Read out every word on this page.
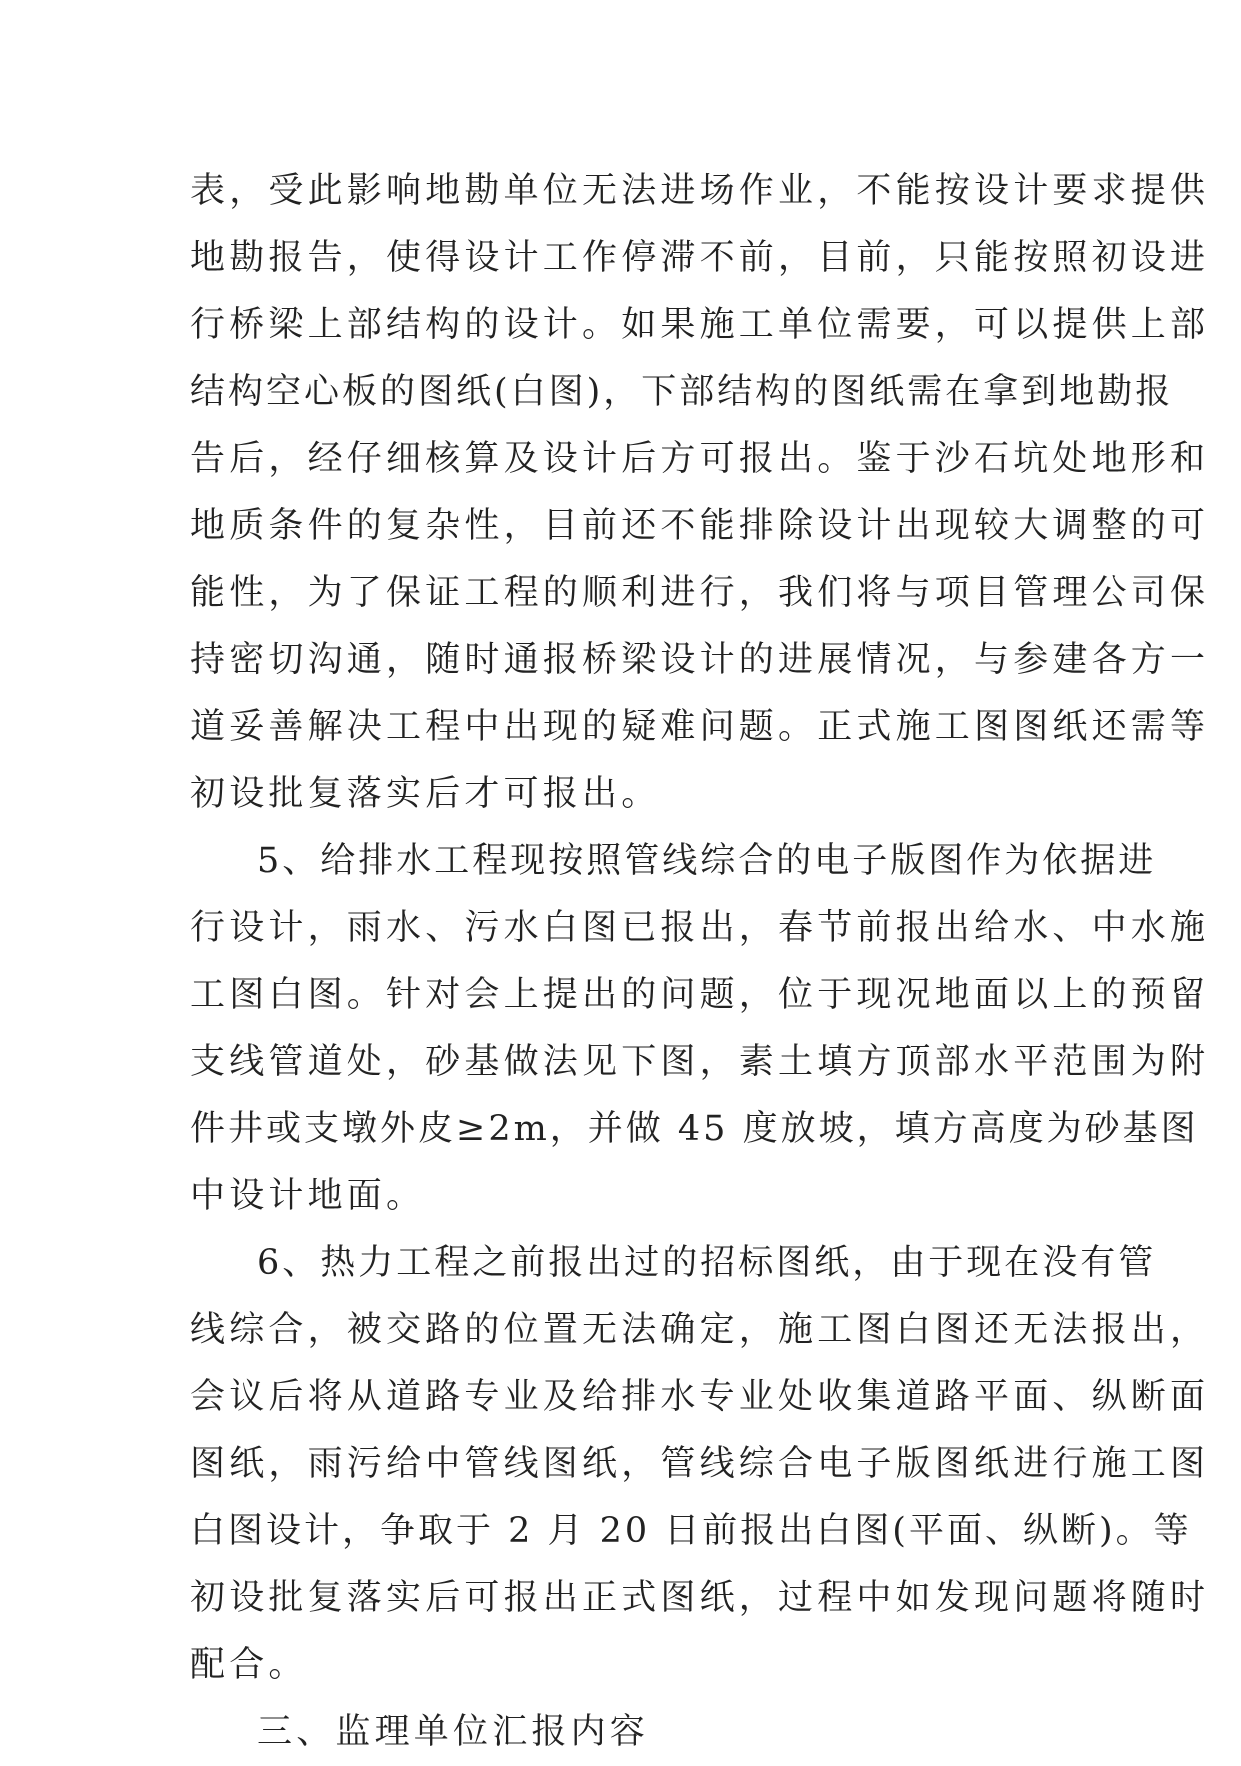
表，受此影响地勘单位无法进场作业，不能按设计要求提供
地勘报告，使得设计工作停滞不前，目前，只能按照初设进
行桥梁上部结构的设计。如果施工单位需要，可以提供上部
结构空心板的图纸(白图)，下部结构的图纸需在拿到地勘报
告后，经仔细核算及设计后方可报出。鉴于沙石坑处地形和
地质条件的复杂性，目前还不能排除设计出现较大调整的可
能性，为了保证工程的顺利进行，我们将与项目管理公司保
持密切沟通，随时通报桥梁设计的进展情况，与参建各方一
道妥善解决工程中出现的疑难问题。正式施工图图纸还需等
初设批复落实后才可报出。
5、给排水工程现按照管线综合的电子版图作为依据进
行设计，雨水、污水白图已报出，春节前报出给水、中水施
工图白图。针对会上提出的问题，位于现况地面以上的预留
支线管道处，砂基做法见下图，素土填方顶部水平范围为附
件井或支墩外皮≥2m，并做 45 度放坡，填方高度为砂基图
中设计地面。
6、热力工程之前报出过的招标图纸，由于现在没有管
线综合，被交路的位置无法确定，施工图白图还无法报出，
会议后将从道路专业及给排水专业处收集道路平面、纵断面
图纸，雨污给中管线图纸，管线综合电子版图纸进行施工图
白图设计，争取于 2 月 20 日前报出白图(平面、纵断)。等
初设批复落实后可报出正式图纸，过程中如发现问题将随时
配合。
三、监理单位汇报内容
